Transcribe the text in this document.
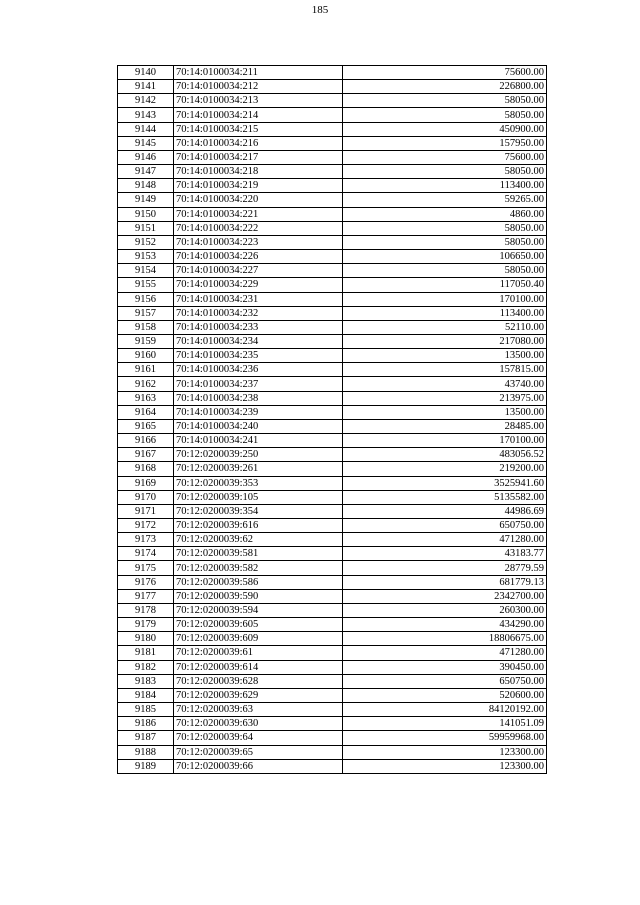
185
9140	70:14:0100034:211	75600.00
9141	70:14:0100034:212	226800.00
9142	70:14:0100034:213	58050.00
9143	70:14:0100034:214	58050.00
9144	70:14:0100034:215	450900.00
9145	70:14:0100034:216	157950.00
9146	70:14:0100034:217	75600.00
9147	70:14:0100034:218	58050.00
9148	70:14:0100034:219	113400.00
9149	70:14:0100034:220	59265.00
9150	70:14:0100034:221	4860.00
9151	70:14:0100034:222	58050.00
9152	70:14:0100034:223	58050.00
9153	70:14:0100034:226	106650.00
9154	70:14:0100034:227	58050.00
9155	70:14:0100034:229	117050.40
9156	70:14:0100034:231	170100.00
9157	70:14:0100034:232	113400.00
9158	70:14:0100034:233	52110.00
9159	70:14:0100034:234	217080.00
9160	70:14:0100034:235	13500.00
9161	70:14:0100034:236	157815.00
9162	70:14:0100034:237	43740.00
9163	70:14:0100034:238	213975.00
9164	70:14:0100034:239	13500.00
9165	70:14:0100034:240	28485.00
9166	70:14:0100034:241	170100.00
9167	70:12:0200039:250	483056.52
9168	70:12:0200039:261	219200.00
9169	70:12:0200039:353	3525941.60
9170	70:12:0200039:105	5135582.00
9171	70:12:0200039:354	44986.69
9172	70:12:0200039:616	650750.00
9173	70:12:0200039:62	471280.00
9174	70:12:0200039:581	43183.77
9175	70:12:0200039:582	28779.59
9176	70:12:0200039:586	681779.13
9177	70:12:0200039:590	2342700.00
9178	70:12:0200039:594	260300.00
9179	70:12:0200039:605	434290.00
9180	70:12:0200039:609	18806675.00
9181	70:12:0200039:61	471280.00
9182	70:12:0200039:614	390450.00
9183	70:12:0200039:628	650750.00
9184	70:12:0200039:629	520600.00
9185	70:12:0200039:63	84120192.00
9186	70:12:0200039:630	141051.09
9187	70:12:0200039:64	59959968.00
9188	70:12:0200039:65	123300.00
9189	70:12:0200039:66	123300.00
